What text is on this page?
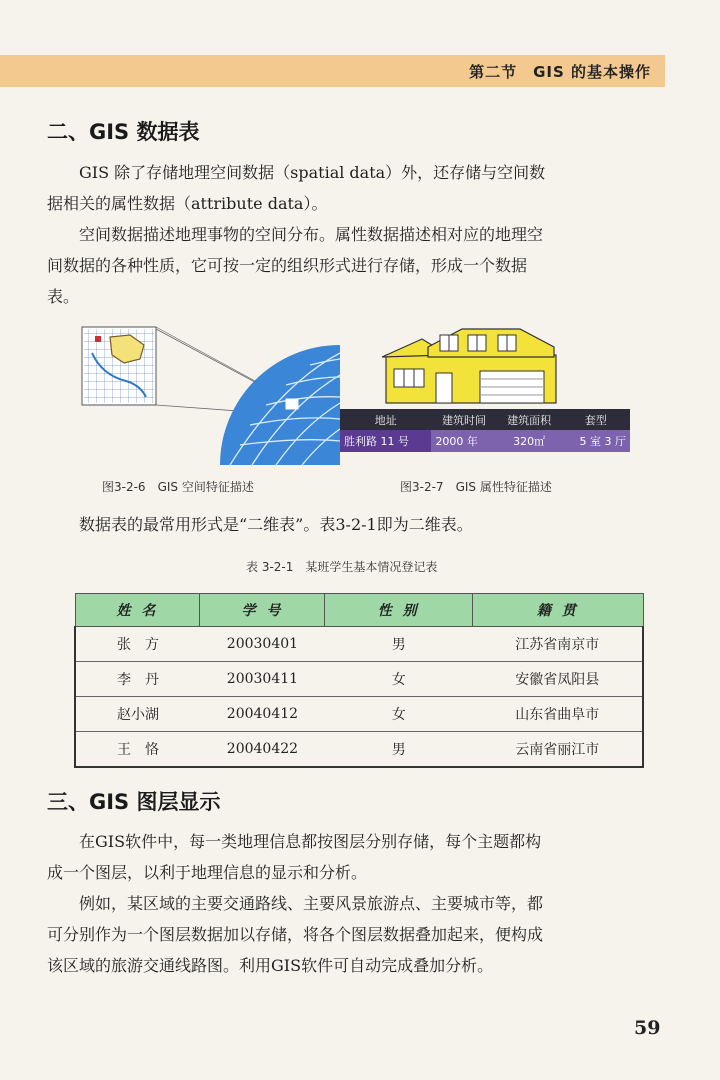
第二节　GIS 的基本操作
二、GIS 数据表

GIS 除了存储地理空间数据（spatial data）外，还存储与空间数据相关的属性数据（attribute data）。

空间数据描述地理事物的空间分布。属性数据描述相对应的地理空间数据的各种性质，它可按一定的组织形式进行存储，形成一个数据表。

地址	建筑时间	建筑面积	套型
胜利路 11 号	2000 年	320㎡	5 室 3 厅
图3-2-6　GIS 空间特征描述	图3-2-7　GIS 属性特征描述

数据表的最常用形式是“二维表”。表3-2-1即为二维表。

表 3-2-1　某班学生基本情况登记表
姓 名	学 号	性 别	籍 贯
张　方	20030401	男	江苏省南京市
李　丹	20030411	女	安徽省凤阳县
赵小湖	20040412	女	山东省曲阜市
王　恪	20040422	男	云南省丽江市
三、GIS 图层显示

在GIS软件中，每一类地理信息都按图层分别存储，每个主题都构成一个图层，以利于地理信息的显示和分析。

例如，某区域的主要交通路线、主要风景旅游点、主要城市等，都可分别作为一个图层数据加以存储，将各个图层数据叠加起来，便构成该区域的旅游交通线路图。利用GIS软件可自动完成叠加分析。

59
